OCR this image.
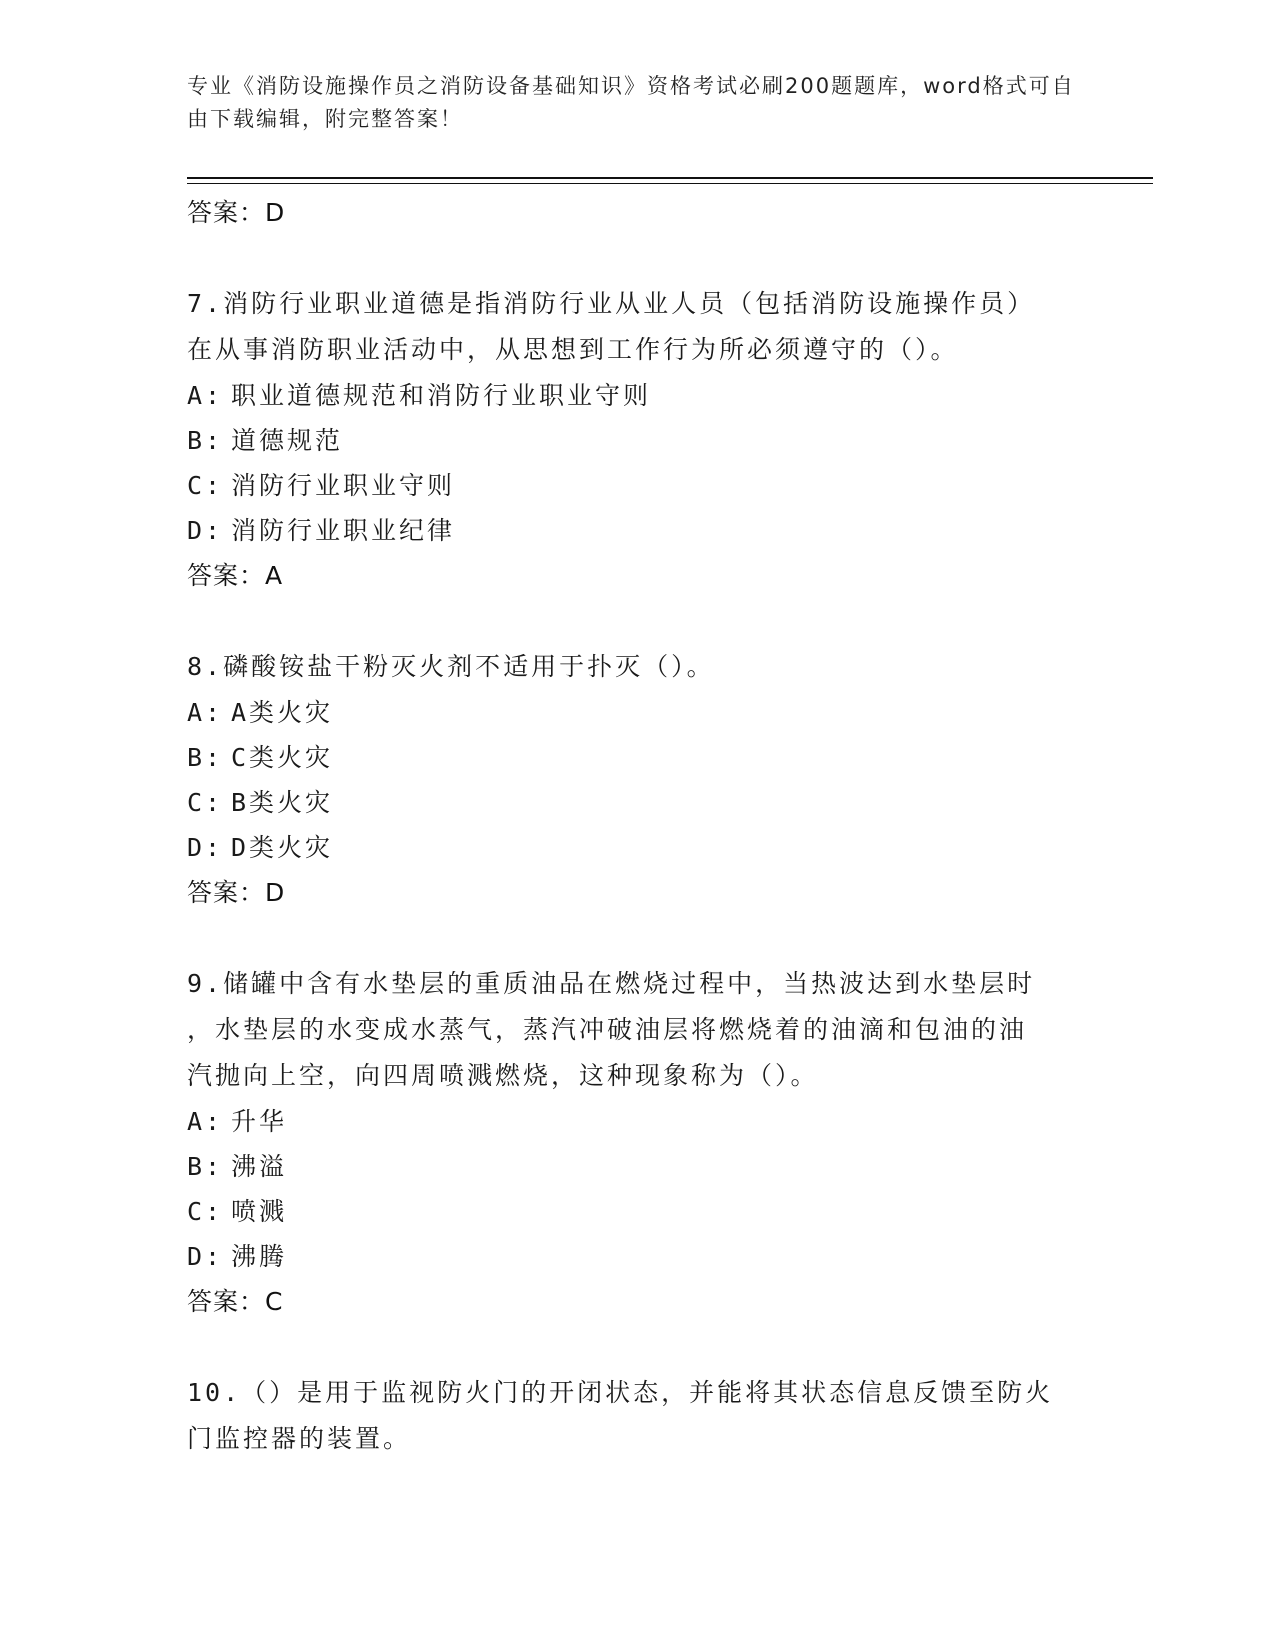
专业《消防设施操作员之消防设备基础知识》资格考试必刷200题题库，word格式可自由下载编辑，附完整答案！
答案：D
7.消防行业职业道德是指消防行业从业人员（包括消防设施操作员）
在从事消防职业活动中，从思想到工作行为所必须遵守的（）。
A: 职业道德规范和消防行业职业守则
B: 道德规范
C: 消防行业职业守则
D: 消防行业职业纪律
答案：A
8.磷酸铵盐干粉灭火剂不适用于扑灭（）。
A: A类火灾
B: C类火灾
C: B类火灾
D: D类火灾
答案：D
9.储罐中含有水垫层的重质油品在燃烧过程中，当热波达到水垫层时
，水垫层的水变成水蒸气，蒸汽冲破油层将燃烧着的油滴和包油的油
汽抛向上空，向四周喷溅燃烧，这种现象称为（）。
A: 升华
B: 沸溢
C: 喷溅
D: 沸腾
答案：C
10.（）是用于监视防火门的开闭状态，并能将其状态信息反馈至防火
门监控器的装置。
